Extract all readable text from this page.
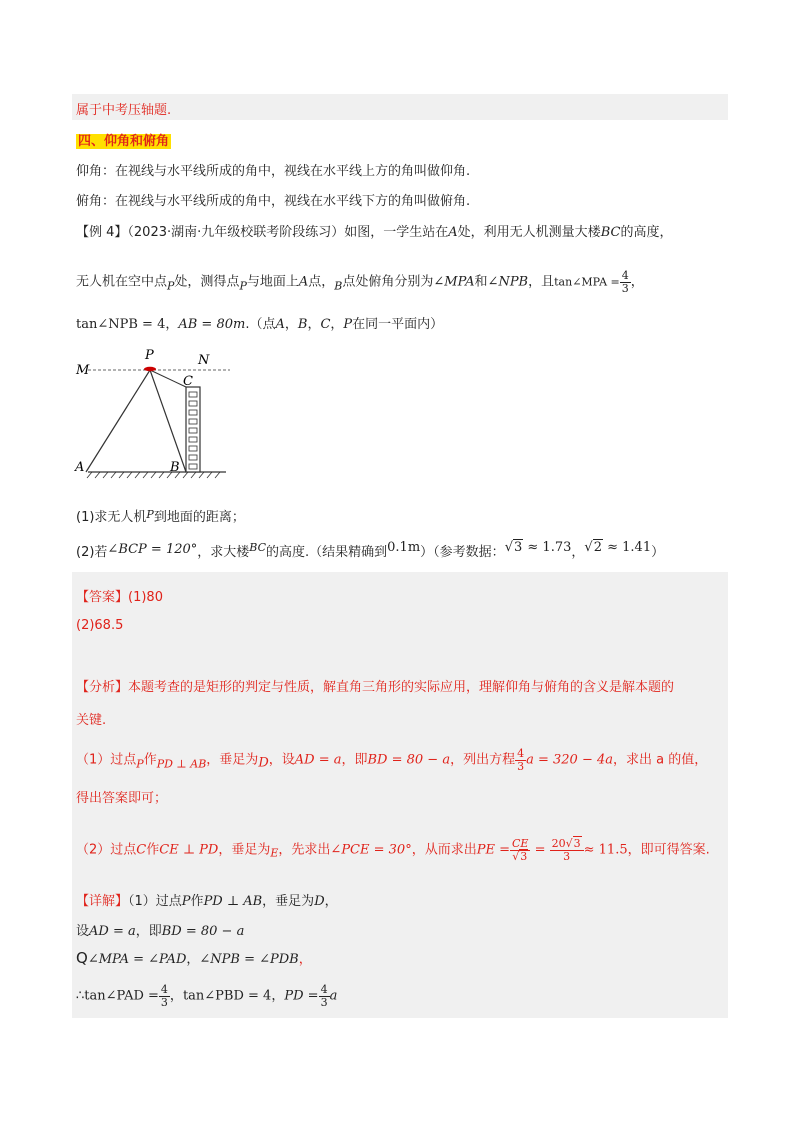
属于中考压轴题.
四、仰角和俯角
仰角：在视线与水平线所成的角中，视线在水平线上方的角叫做仰角.
俯角：在视线与水平线所成的角中，视线在水平线下方的角叫做俯角.
【例 4】（2023·湖南·九年级校联考阶段练习）如图，一学生站在A处，利用无人机测量大楼BC的高度，
无人机在空中点$_P$处，测得点$_P$与地面上A点，$_B$点处俯角分别为∠MPA和∠NPB，且tan∠MPA = $\frac{4}{3}$ ，
tan∠NPB = 4，AB = 80m.（点A，B，C，P在同一平面内）
M
P	N
C
A	B
(1)求无人机$^P$到地面的距离；
(2)若∠BCP = 120°，求大楼$^{BC}$的高度.（结果精确到0.1m）（参考数据：√3 ≈ 1.73，√2 ≈ 1.41）
【答案】(1)80
(2)68.5
【分析】本题考查的是矩形的判定与性质，解直角三角形的实际应用，理解仰角与俯角的含义是解本题的
关键.
（1）过点$_P$作$_{PD \perp AB}$，垂足为D，设AD = a，即BD = 80 − a，列出方程 $\frac{4}{3}$ a = 320 − 4a，求出 a 的值，
得出答案即可；
（2）过点C作CE ⊥ PD，垂足为$_E$，先求出∠PCE = 30°，从而求出PE = $\frac{CE}{√3} = \frac{20√3}{3} \approx 11.5$，即可得答案.
【详解】（1）过点P作PD ⊥ AB，垂足为D，
设AD = a，即BD = 80 − a
Q∠MPA = ∠PAD，∠NPB = ∠PDB，
∴tan∠PAD = $\frac{4}{3}$ ，tan∠PBD = 4，PD = $\frac{4}{3}$ a
